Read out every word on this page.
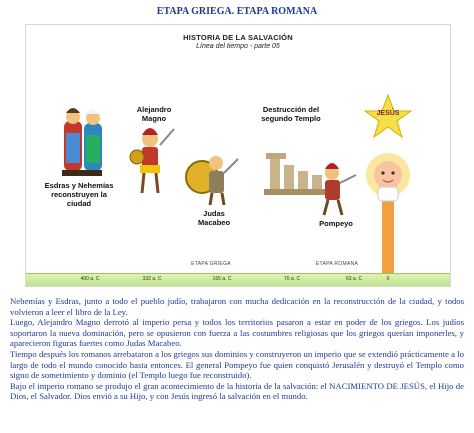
ETAPA GRIEGA. ETAPA ROMANA
HISTORIA DE LA SALVACIÓN
Línea del tiempo - parte 05
Esdras y Nehemías reconstruyen la ciudad
Alejandro Magno
Judas Macabeo
Destrucción del segundo Templo
Pompeyo
JESÚS
ETAPA GRIEGA	ETAPA ROMANA
400 a. C	332 a. C	165 a. C	70 a. C	63 a. C	0

Nehemías y Esdras, junto a todo el pueblo judío, trabajaron con mucha dedicación en la reconstrucción de la ciudad, y todos volvieron a leer el libro de la Ley.

Luego, Alejandro Magno derrotó al imperio persa y todos los territorios pasaron a estar en poder de los griegos. Los judíos soportaron la nueva dominación, pero se opusieron con fuerza a las costumbres religiosas que los griegos querían imponerles, y aparecieron figuras fuertes como Judas Macabeo.

Tiempo después los romanos arrebataron a los griegos sus dominios y construyeron un imperio que se extendió prácticamente a lo largo de todo el mundo conocido hasta entonces. El general Pompeyo fue quien conquistó Jerusalén y destruyó el Templo como signo de sometimiento y dominio (el Templo luego fue reconstruido).

Bajo el imperio romano se produjo el gran acontecimiento de la historia de la salvación: el NACIMIENTO DE JESÚS, el Hijo de Dios, el Salvador. Dios envió a su Hijo, y con Jesús ingresó la salvación en el mundo.
